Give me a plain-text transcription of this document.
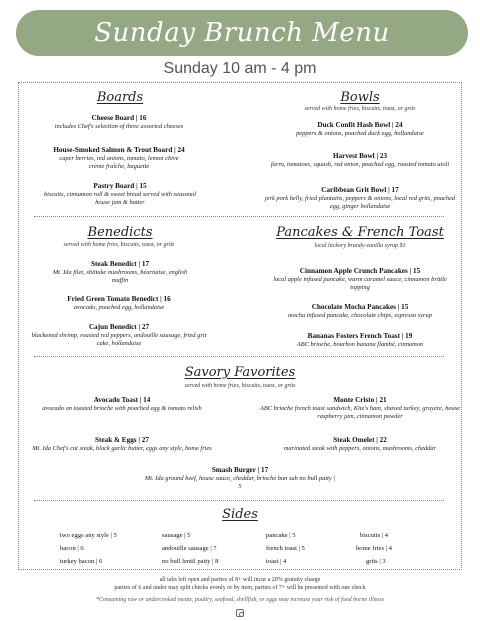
Sunday Brunch Menu
Sunday 10 am - 4 pm
Boards
Cheese Board | 16
includes Chef's selection of three assorted cheeses
House-Smoked Salmon & Trout Board | 24
caper berries, red onions, tomato, lemon chive crème fraîche, baguette
Pastry Board | 15
biscuits, cinnamon roll & sweet bread served with seasonal house jam & butter
Bowls
served with home fries, biscuits, toast, or grits
Duck Confit Hash Bowl | 24
peppers & onions, poached duck egg, hollandaise
Harvest Bowl | 23
farro, tomatoes, squash, red onion, poached egg, roasted tomato aioli
Caribbean Grit Bowl | 17
jerk pork belly, fried plantains, peppers & onions, local red grits, poached egg, ginger hollandaise
Benedicts
served with home fries, biscuits, toast, or grits
Steak Benedict | 17
Mt. Ida filet, shiitake mushrooms, béarnaise, english muffin
Fried Green Tomato Benedict | 16
avocado, poached egg, hollandaise
Cajun Benedict | 27
blackened shrimp, roasted red peppers, andouille sausage, fried grit cake, hollandaise
Pancakes & French Toast
local hickory brandy-vanilla syrup $3
Cinnamon Apple Crunch Pancakes | 15
local apple infused pancake, warm caramel sauce, cinnamon brittle topping
Chocolate Mocha Pancakes | 15
mocha infused pancake, chocolate chips, espresso syrup
Bananas Fosters French Toast | 19
ABC brioche, bourbon banana flambé, cinnamon
Savory Favorites
served with home fries, biscuits, toast, or grits
Avocado Toast | 14
avocado on toasted brioche with poached egg & tomato relish
Monte Cristo | 21
ABC brioche french toast sandwich, Kite's ham, shaved turkey, gruyere, house raspberry jam, cinnamon powder
Steak & Eggs | 27
Mt. Ida Chef's cut steak, black garlic butter, eggs any style, home fries
Steak Omelet | 22
marinated steak with peppers, onions, mushrooms, cheddar
Smash Burger | 17
Mt. Ida ground beef, house sauce, cheddar, brioche bun sub no bull patty | 5
Sides
two eggs any style | 5	sausage | 5	pancake | 5	biscuits | 4
bacon | 6	andouille sausage | 7	french toast | 5	home fries | 4
turkey bacon | 6	no bull lentil patty | 8	toast | 4	grits | 3
all tabs left open and parties of 8+ will incur a 20% gratuity charge
parties of 6 and under may split checks evenly or by item, parties of 7+ will be presented with one check
*Consuming raw or undercooked meats, poultry, seafood, shellfish, or eggs may increase your risk of food borne illness
